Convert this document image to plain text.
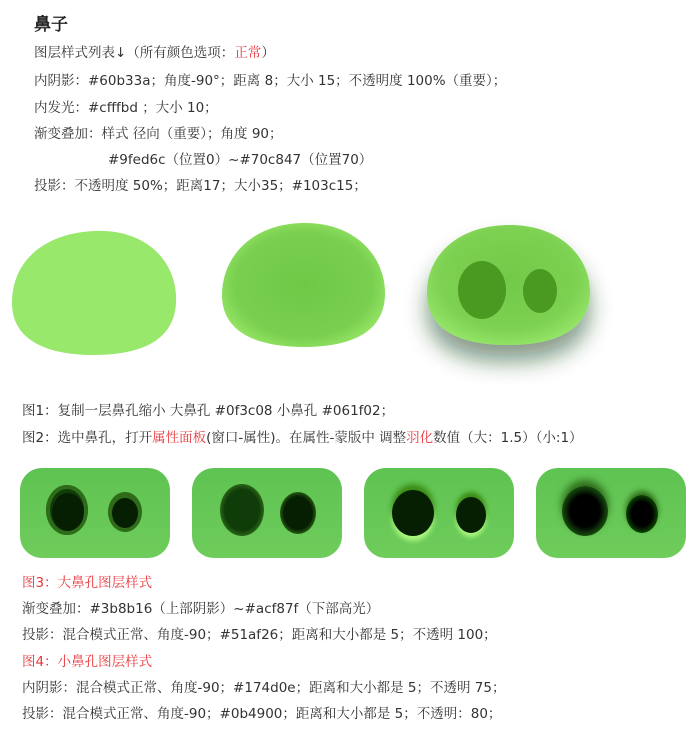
鼻子
图层样式列表↓（所有颜色选项：正常）
内阴影：#60b33a；角度-90°；距离 8；大小 15；不透明度 100%（重要）；
内发光：#cfffbd ；大小 10；
渐变叠加：样式 径向（重要）；角度 90；
#9fed6c（位置0）~#70c847（位置70）
投影：不透明度 50%；距离17；大小35；#103c15；
图1：复制一层鼻孔缩小 大鼻孔 #0f3c08 小鼻孔 #061f02；
图2：选中鼻孔，打开属性面板(窗口-属性)。在属性-蒙版中 调整羽化数值（大：1.5）（小:1）
图3：大鼻孔图层样式
渐变叠加：#3b8b16（上部阴影）~#acf87f（下部高光）
投影：混合模式正常、角度-90；#51af26；距离和大小都是 5；不透明 100；
图4：小鼻孔图层样式
内阴影：混合模式正常、角度-90；#174d0e；距离和大小都是 5；不透明 75；
投影：混合模式正常、角度-90；#0b4900；距离和大小都是 5；不透明：80；
